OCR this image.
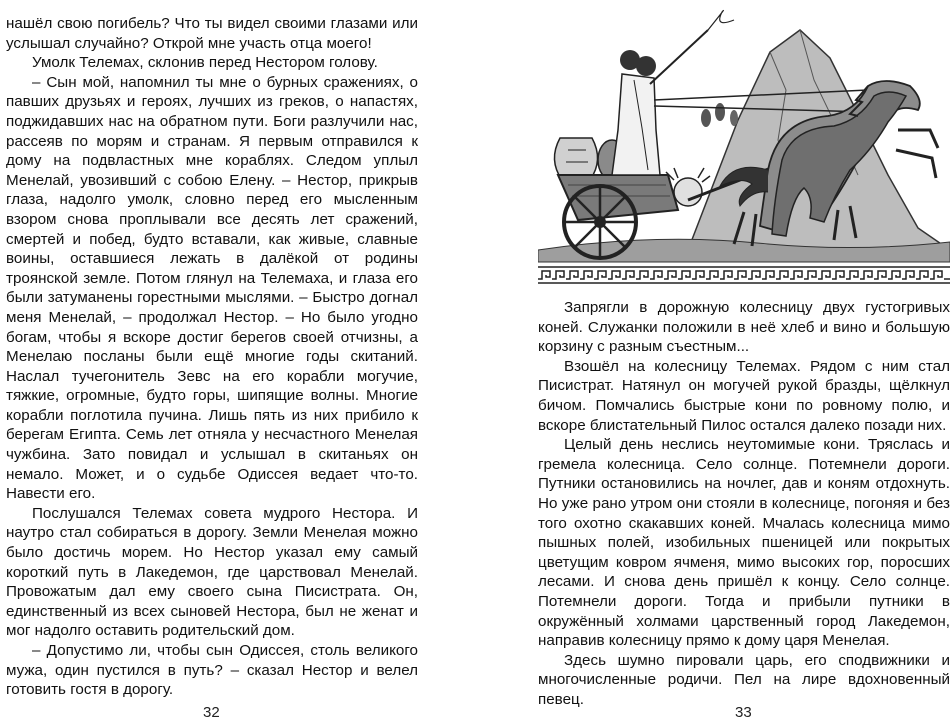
нашёл свою погибель? Что ты видел своими глазами или услышал случайно? Открой мне участь отца моего!

Умолк Телемах, склонив перед Нестором голову.

– Сын мой, напомнил ты мне о бурных сражениях, о павших друзьях и героях, лучших из греков, о напастях, поджидавших нас на обратном пути. Боги разлучили нас, рассеяв по морям и странам. Я первым отправился к дому на подвластных мне кораблях. Следом уплыл Менелай, увозивший с собою Елену. – Нестор, прикрыв глаза, надолго умолк, словно перед его мысленным взором снова проплывали все десять лет сражений, смертей и побед, будто вставали, как живые, славные воины, оставшиеся лежать в далёкой от родины троянской земле. Потом глянул на Телемаха, и глаза его были затуманены горестными мыслями. – Быстро догнал меня Менелай, – продолжал Нестор. – Но было угодно богам, чтобы я вскоре достиг берегов своей отчизны, а Менелаю посланы были ещё многие годы скитаний. Наслал тучегонитель Зевс на его корабли могучие, тяжкие, огромные, будто горы, шипящие волны. Многие корабли поглотила пучина. Лишь пять из них прибило к берегам Египта. Семь лет отняла у несчастного Менелая чужбина. Зато повидал и услышал в скитаньях он немало. Может, и о судьбе Одиссея ведает что-то. Навести его.

Послушался Телемах совета мудрого Нестора. И наутро стал собираться в дорогу. Земли Менелая можно было достичь морем. Но Нестор указал ему самый короткий путь в Лакедемон, где царствовал Менелай. Провожатым дал ему своего сына Писистрата. Он, единственный из всех сыновей Нестора, был не женат и мог надолго оставить родительский дом.

– Допустимо ли, чтобы сын Одиссея, столь великого мужа, один пустился в путь? – сказал Нестор и велел готовить гостя в дорогу.

32

Запрягли в дорожную колесницу двух густогривых коней. Служанки положили в неё хлеб и вино и большую корзину с разным съестным...

Взошёл на колесницу Телемах. Рядом с ним стал Писистрат. Натянул он могучей рукой бразды, щёлкнул бичом. Помчались быстрые кони по ровному полю, и вскоре блистательный Пилос остался далеко позади них.

Целый день неслись неутомимые кони. Тряслась и гремела колесница. Село солнце. Потемнели дороги. Путники остановились на ночлег, дав и коням отдохнуть. Но уже рано утром они стояли в колеснице, погоняя и без того охотно скакавших коней. Мчалась колесница мимо пышных полей, изобильных пшеницей или покрытых цветущим ковром ячменя, мимо высоких гор, поросших лесами. И снова день пришёл к концу. Село солнце. Потемнели дороги. Тогда и прибыли путники в окружённый холмами царственный город Лакедемон, направив колесницу прямо к дому царя Менелая.

Здесь шумно пировали царь, его сподвижники и многочисленные родичи. Пел на лире вдохновенный певец.

33
